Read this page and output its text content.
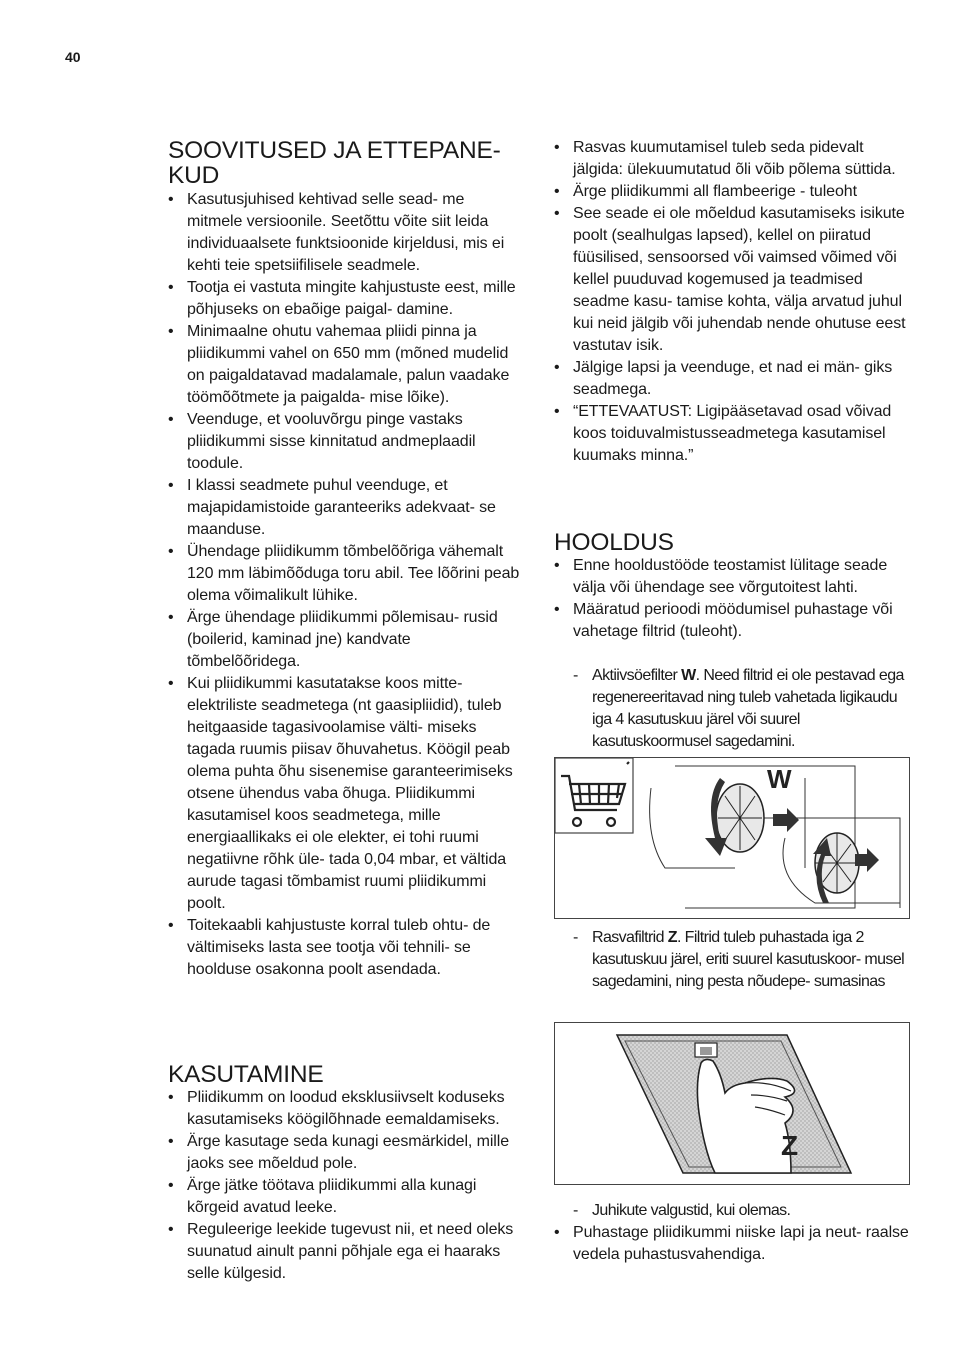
40
SOOVITUSED JA ETTEPANE-
KUD
• Kasutusjuhised kehtivad selle sead- me mitmele versioonile. Seetõttu võite siit leida individuaalsete funktsioonide kirjeldusi, mis ei kehti teie spetsiifilisele seadmele.
• Tootja ei vastuta mingite kahjustuste eest, mille põhjuseks on ebaõige paigal- damine.
• Minimaalne ohutu vahemaa pliidi pinna ja pliidikummi vahel on 650 mm (mõned mudelid on paigaldatavad madalamale, palun vaadake töömõõtmete ja paigalda- mise lõike).
• Veenduge, et vooluvõrgu pinge vastaks pliidikummi sisse kinnitatud andmeplaadil toodule.
• I klassi seadmete puhul veenduge, et majapidamistoide garanteeriks adekvaat- se maanduse.
• Ühendage pliidikumm tõmbelõõriga vähemalt 120 mm läbimõõduga toru abil. Tee lõõrini peab olema võimalikult lühike.
• Ärge ühendage pliidikummi põlemisau- rusid (boilerid, kaminad jne) kandvate tõmbelõõridega.
• Kui pliidikummi kasutatakse koos mitte- elektriliste seadmetega (nt gaasipliidid), tuleb heitgaaside tagasivoolamise välti- miseks tagada ruumis piisav õhuvahetus. Köögil peab olema puhta õhu sisenemise garanteerimiseks otsene ühendus vaba õhuga. Pliidikummi kasutamisel koos seadmetega, mille energiaallikaks ei ole elekter, ei tohi ruumi negatiivne rõhk üle- tada 0,04 mbar, et vältida aurude tagasi tõmbamist ruumi pliidikummi poolt.
• Toitekaabli kahjustuste korral tuleb ohtu- de vältimiseks lasta see tootja või tehnili- se hoolduse osakonna poolt asendada.
KASUTAMINE
• Pliidikumm on loodud eksklusiivselt koduseks kasutamiseks köögilõhnade eemaldamiseks.
• Ärge kasutage seda kunagi eesmärkidel, mille jaoks see mõeldud pole.
• Ärge jätke töötava pliidikummi alla kunagi kõrgeid avatud leeke.
• Reguleerige leekide tugevust nii, et need oleks suunatud ainult panni põhjale ega ei haaraks selle külgesid.
• Rasvas kuumutamisel tuleb seda pidevalt jälgida: ülekuumutatud õli võib põlema süttida.
• Ärge pliidikummi all flambeerige - tuleoht
• See seade ei ole mõeldud kasutamiseks isikute poolt (sealhulgas lapsed), kellel on piiratud füüsilised, sensoorsed või vaimsed võimed või kellel puuduvad kogemused ja teadmised seadme kasu- tamise kohta, välja arvatud juhul kui neid jälgib või juhendab nende ohutuse eest vastutav isik.
• Jälgige lapsi ja veenduge, et nad ei män- giks seadmega.
• “ETTEVAATUST: Ligipääsetavad osad võivad koos toiduvalmistusseadmetega kasutamisel kuumaks minna.”
HOOLDUS
• Enne hooldustööde teostamist lülitage seade välja või ühendage see võrgutoitest lahti.
• Määratud perioodi möödumisel puhastage või vahetage filtrid (tuleoht).
- Aktiivsöefilter W. Need filtrid ei ole pestavad ega regenereeritavad ning tuleb vahetada ligikaudu iga 4 kasutuskuu järel või suurel kasutuskoormusel sagedamini.
W
- Rasvafiltrid Z. Filtrid tuleb puhastada iga 2 kasutuskuu järel, eriti suurel kasutuskoor- musel sagedamini, ning pesta nõudepe- sumasinas
Z
- Juhikute valgustid, kui olemas.
• Puhastage pliidikummi niiske lapi ja neut- raalse vedela puhastusvahendiga.
